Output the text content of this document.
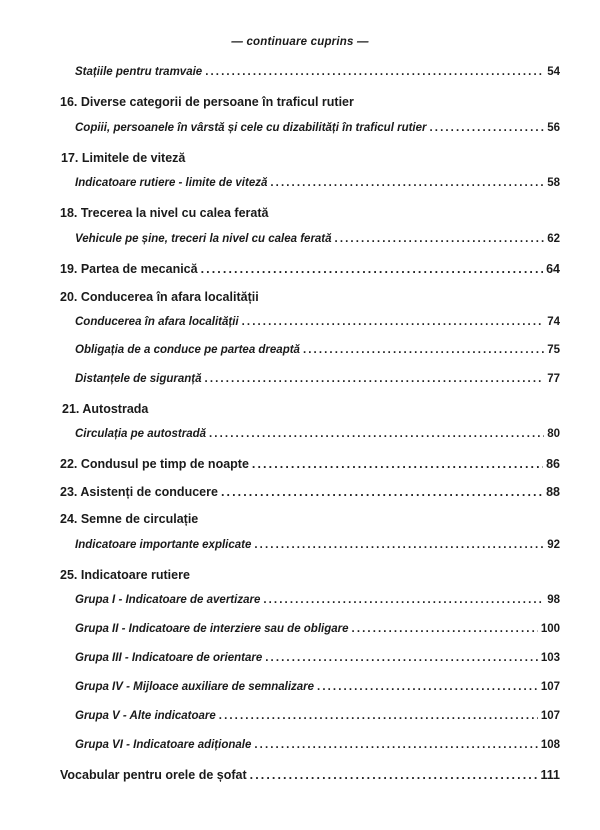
— continuare cuprins —
Stațiile pentru tramvaie .....	54
16. Diverse categorii de persoane în traficul rutier
Copiii, persoanele în vârstă și cele cu dizabilități în traficul rutier .....	56
17. Limitele de viteză
Indicatoare rutiere - limite de viteză .....	58
18. Trecerea la nivel cu calea ferată
Vehicule pe șine, treceri la nivel cu calea ferată .....	62
19. Partea de mecanică .....	64
20. Conducerea în afara localității
Conducerea în afara localității .....	74
Obligația de a conduce pe partea dreaptă .....	75
Distanțele de siguranță .....	77
21. Autostrada
Circulația pe autostradă .....	80
22. Condusul pe timp de noapte .....	86
23. Asistenți de conducere .....	88
24. Semne de circulație
Indicatoare importante explicate .....	92
25. Indicatoare rutiere
Grupa I - Indicatoare de avertizare .....	98
Grupa II - Indicatoare de interziere sau de obligare .....	100
Grupa III - Indicatoare de orientare .....	103
Grupa IV - Mijloace auxiliare de semnalizare .....	107
Grupa V - Alte indicatoare .....	107
Grupa VI - Indicatoare adiționale .....	108
Vocabular pentru orele de șofat .....	111
